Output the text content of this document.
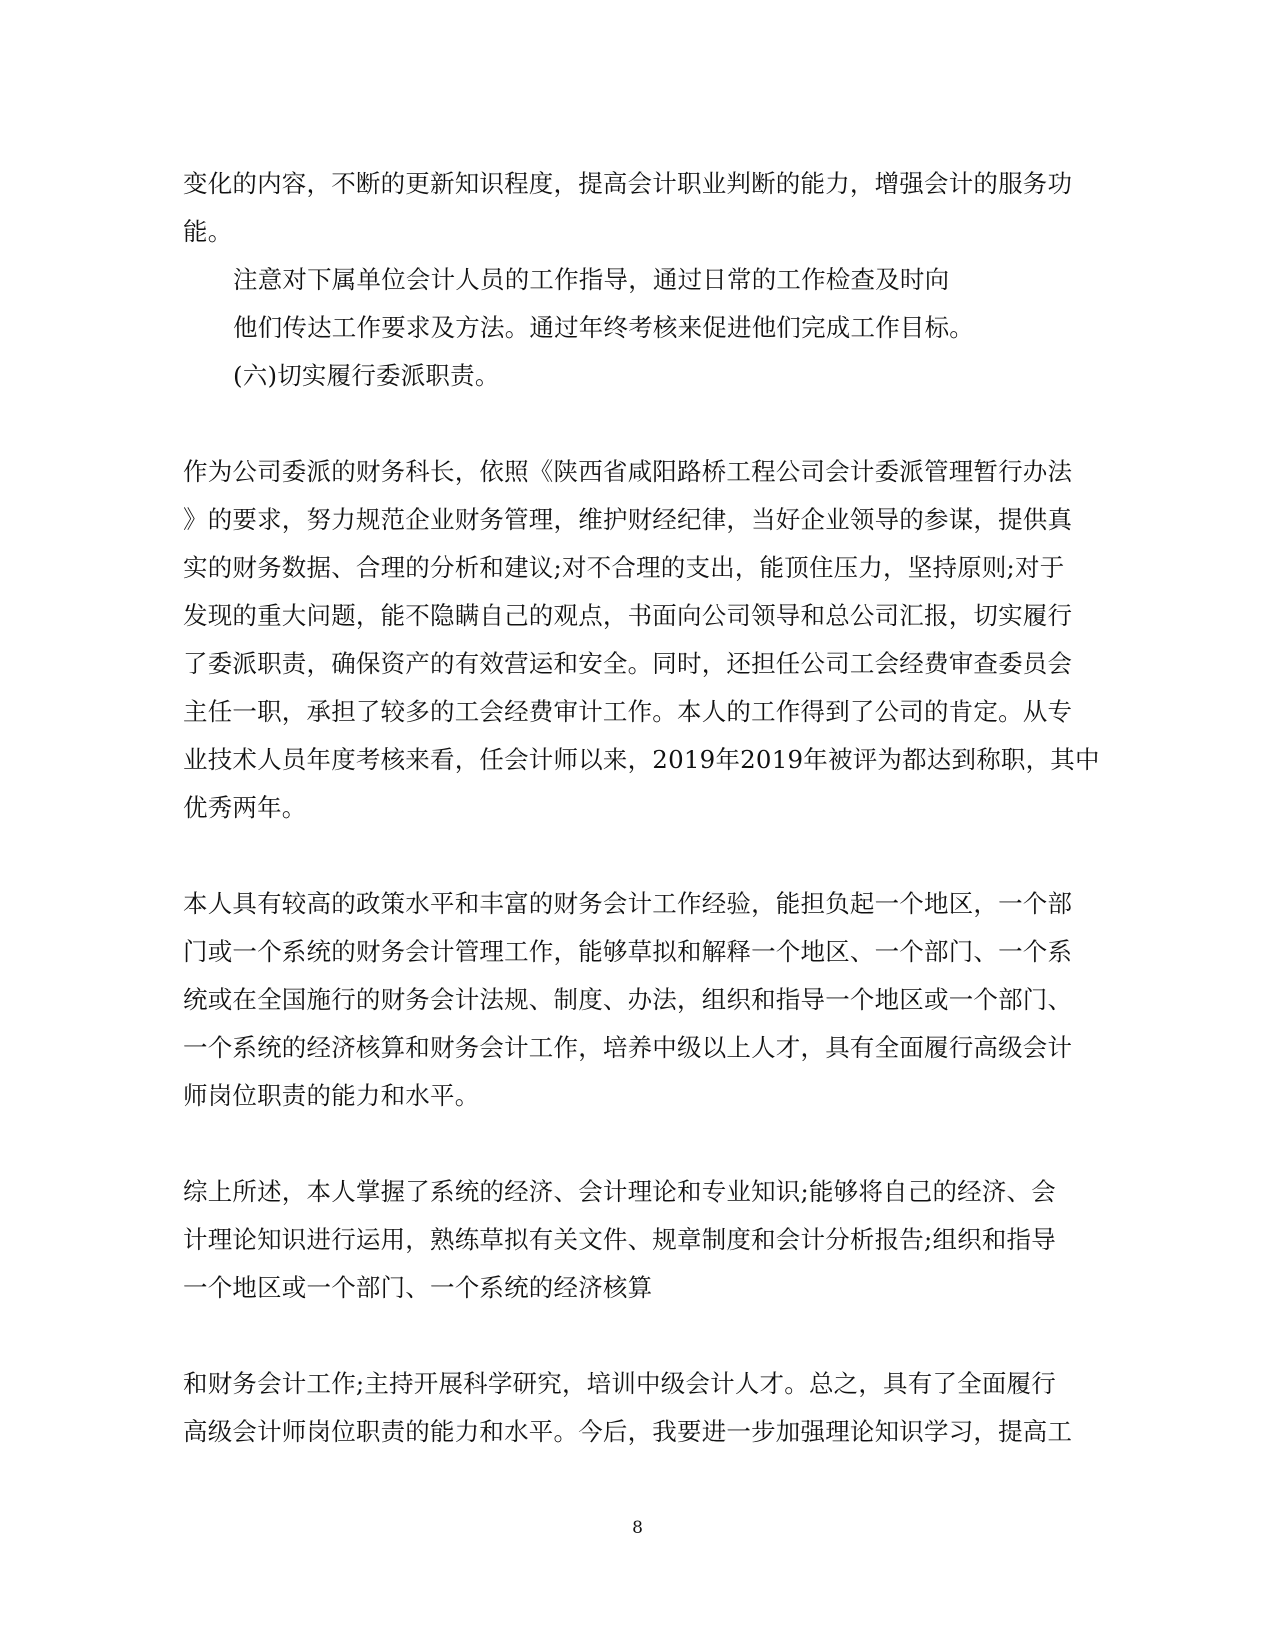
变化的内容，不断的更新知识程度，提高会计职业判断的能力，增强会计的服务功
能。
注意对下属单位会计人员的工作指导，通过日常的工作检查及时向
他们传达工作要求及方法。通过年终考核来促进他们完成工作目标。
(六)切实履行委派职责。
作为公司委派的财务科长，依照《陕西省咸阳路桥工程公司会计委派管理暂行办法
》的要求，努力规范企业财务管理，维护财经纪律，当好企业领导的参谋，提供真
实的财务数据、合理的分析和建议;对不合理的支出，能顶住压力，坚持原则;对于
发现的重大问题，能不隐瞒自己的观点，书面向公司领导和总公司汇报，切实履行
了委派职责，确保资产的有效营运和安全。同时，还担任公司工会经费审查委员会
主任一职，承担了较多的工会经费审计工作。本人的工作得到了公司的肯定。从专
业技术人员年度考核来看，任会计师以来，2019年2019年被评为都达到称职，其中
优秀两年。
本人具有较高的政策水平和丰富的财务会计工作经验，能担负起一个地区，一个部
门或一个系统的财务会计管理工作，能够草拟和解释一个地区、一个部门、一个系
统或在全国施行的财务会计法规、制度、办法，组织和指导一个地区或一个部门、
一个系统的经济核算和财务会计工作，培养中级以上人才，具有全面履行高级会计
师岗位职责的能力和水平。
综上所述，本人掌握了系统的经济、会计理论和专业知识;能够将自己的经济、会
计理论知识进行运用，熟练草拟有关文件、规章制度和会计分析报告;组织和指导
一个地区或一个部门、一个系统的经济核算
和财务会计工作;主持开展科学研究，培训中级会计人才。总之，具有了全面履行
高级会计师岗位职责的能力和水平。今后，我要进一步加强理论知识学习，提高工
8
